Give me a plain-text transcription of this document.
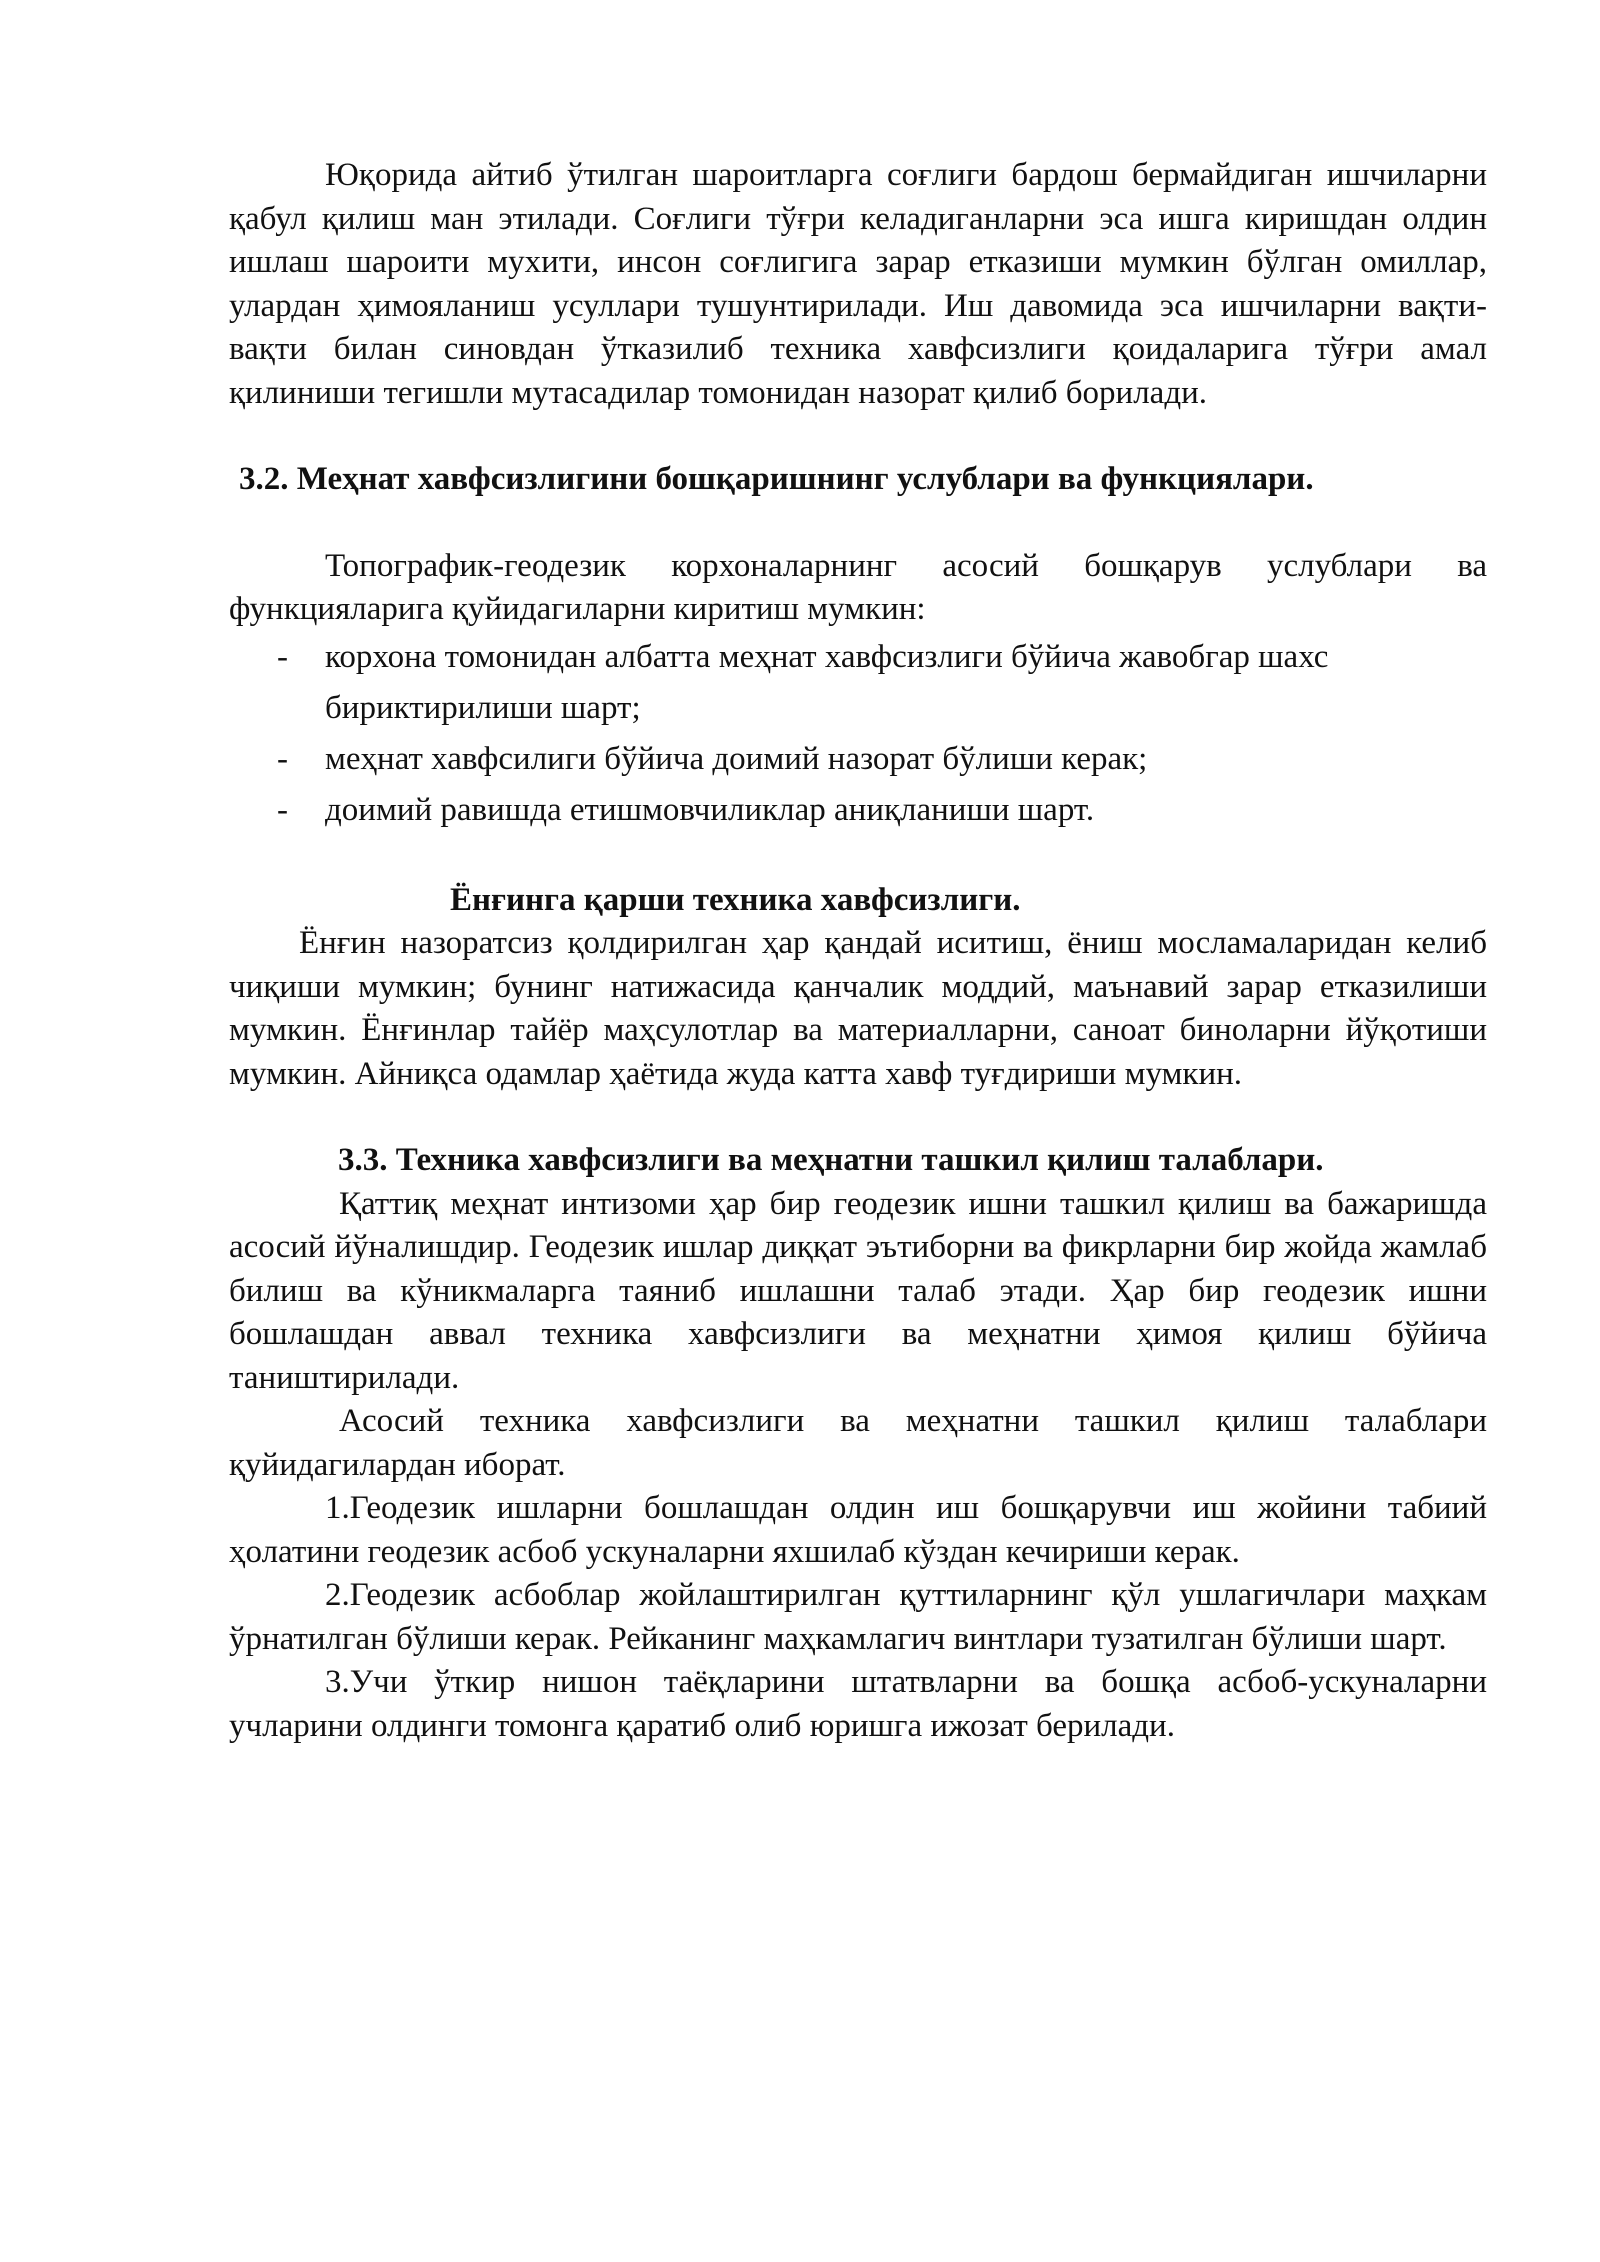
Юқорида айтиб ўтилган шароитларга соғлиги бардош бермайдиган ишчиларни қабул қилиш ман этилади. Соғлиги тўғри келадиганларни эса ишга киришдан олдин ишлаш шароити мухити, инсон соғлигига зарар етказиши мумкин бўлган омиллар, улардан ҳимояланиш усуллари тушунтирилади. Иш давомида эса ишчиларни вақти-вақти билан синовдан ўтказилиб техника хавфсизлиги қоидаларига тўғри амал қилиниши тегишли мутасадилар томонидан назорат қилиб борилади.

3.2. Меҳнат хавфсизлигини бошқаришнинг услублари ва функциялари.

Топографик-геодезик корхоналарнинг асосий бошқарув услублари ва функцияларига қуйидагиларни киритиш мумкин:

- корхона томонидан албатта меҳнат хавфсизлиги бўйича жавобгар шахс бириктирилиши шарт;
- меҳнат хавфсилиги бўйича доимий назорат бўлиши керак;
- доимий равишда етишмовчиликлар аниқланиши шарт.
Ёнғинга қарши техника хавфсизлиги.

Ёнғин назоратсиз қолдирилган ҳар қандай иситиш, ёниш мосламаларидан келиб чиқиши мумкин; бунинг натижасида қанчалик моддий, маънавий зарар етказилиши мумкин. Ёнғинлар тайёр маҳсулотлар ва материалларни, саноат биноларни йўқотиши мумкин. Айниқса одамлар ҳаётида жуда катта хавф туғдириши мумкин.

3.3. Техника хавфсизлиги ва меҳнатни ташкил қилиш талаблари.

Қаттиқ меҳнат интизоми ҳар бир геодезик ишни ташкил қилиш ва бажаришда асосий йўналишдир. Геодезик ишлар диққат эътиборни ва фикрларни бир жойда жамлаб билиш ва кўникмаларга таяниб ишлашни талаб этади. Ҳар бир геодезик ишни бошлашдан аввал техника хавфсизлиги ва меҳнатни ҳимоя қилиш бўйича таништирилади.

Асосий техника хавфсизлиги ва меҳнатни ташкил қилиш талаблари қуйидагилардан иборат.

1.Геодезик ишларни бошлашдан олдин иш бошқарувчи иш жойини табиий ҳолатини геодезик асбоб ускуналарни яхшилаб кўздан кечириши керак.

2.Геодезик асбоблар жойлаштирилган қуттиларнинг қўл ушлагичлари маҳкам ўрнатилган бўлиши керак. Рейканинг маҳкамлагич винтлари тузатилган бўлиши шарт.

3.Учи ўткир нишон таёқларини штатвларни ва бошқа асбоб-ускуналарни учларини олдинги томонга қаратиб олиб юришга ижозат берилади.
